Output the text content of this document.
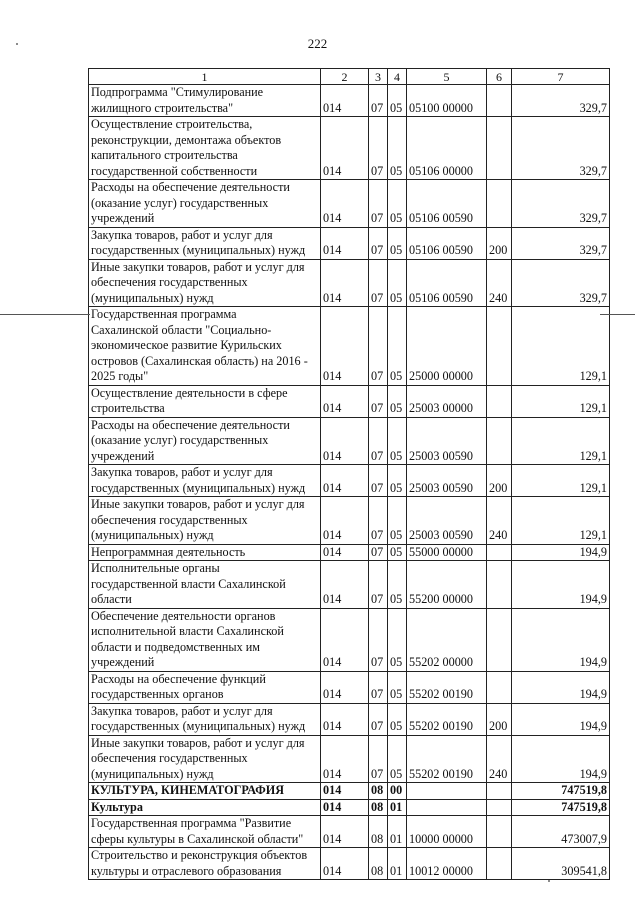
222
1	2	3	4	5	6	7
Подпрограмма "Стимулирование
жилищного строительства"	014	07	05	05100 00000		329,7
Осуществление строительства,
реконструкции, демонтажа объектов
капитального строительства
государственной собственности	014	07	05	05106 00000		329,7
Расходы на обеспечение деятельности
(оказание услуг) государственных
учреждений	014	07	05	05106 00590		329,7
Закупка товаров, работ и услуг для
государственных (муниципальных) нужд	014	07	05	05106 00590	200	329,7
Иные закупки товаров, работ и услуг для
обеспечения государственных
(муниципальных) нужд	014	07	05	05106 00590	240	329,7
Государственная программа
Сахалинской области "Социально-
экономическое развитие Курильских
островов (Сахалинская область) на 2016 -
2025 годы"	014	07	05	25000 00000		129,1
Осуществление деятельности в сфере
строительства	014	07	05	25003 00000		129,1
Расходы на обеспечение деятельности
(оказание услуг) государственных
учреждений	014	07	05	25003 00590		129,1
Закупка товаров, работ и услуг для
государственных (муниципальных) нужд	014	07	05	25003 00590	200	129,1
Иные закупки товаров, работ и услуг для
обеспечения государственных
(муниципальных) нужд	014	07	05	25003 00590	240	129,1
Непрограммная деятельность	014	07	05	55000 00000		194,9
Исполнительные органы
государственной власти Сахалинской
области	014	07	05	55200 00000		194,9
Обеспечение деятельности органов
исполнительной власти Сахалинской
области и подведомственных им
учреждений	014	07	05	55202 00000		194,9
Расходы на обеспечение функций
государственных органов	014	07	05	55202 00190		194,9
Закупка товаров, работ и услуг для
государственных (муниципальных) нужд	014	07	05	55202 00190	200	194,9
Иные закупки товаров, работ и услуг для
обеспечения государственных
(муниципальных) нужд	014	07	05	55202 00190	240	194,9
КУЛЬТУРА, КИНЕМАТОГРАФИЯ	014	08	00			747519,8
Культура	014	08	01			747519,8
Государственная программа "Развитие
сферы культуры в Сахалинской области"	014	08	01	10000 00000		473007,9
Строительство и реконструкция объектов
культуры и отраслевого образования	014	08	01	10012 00000		309541,8
